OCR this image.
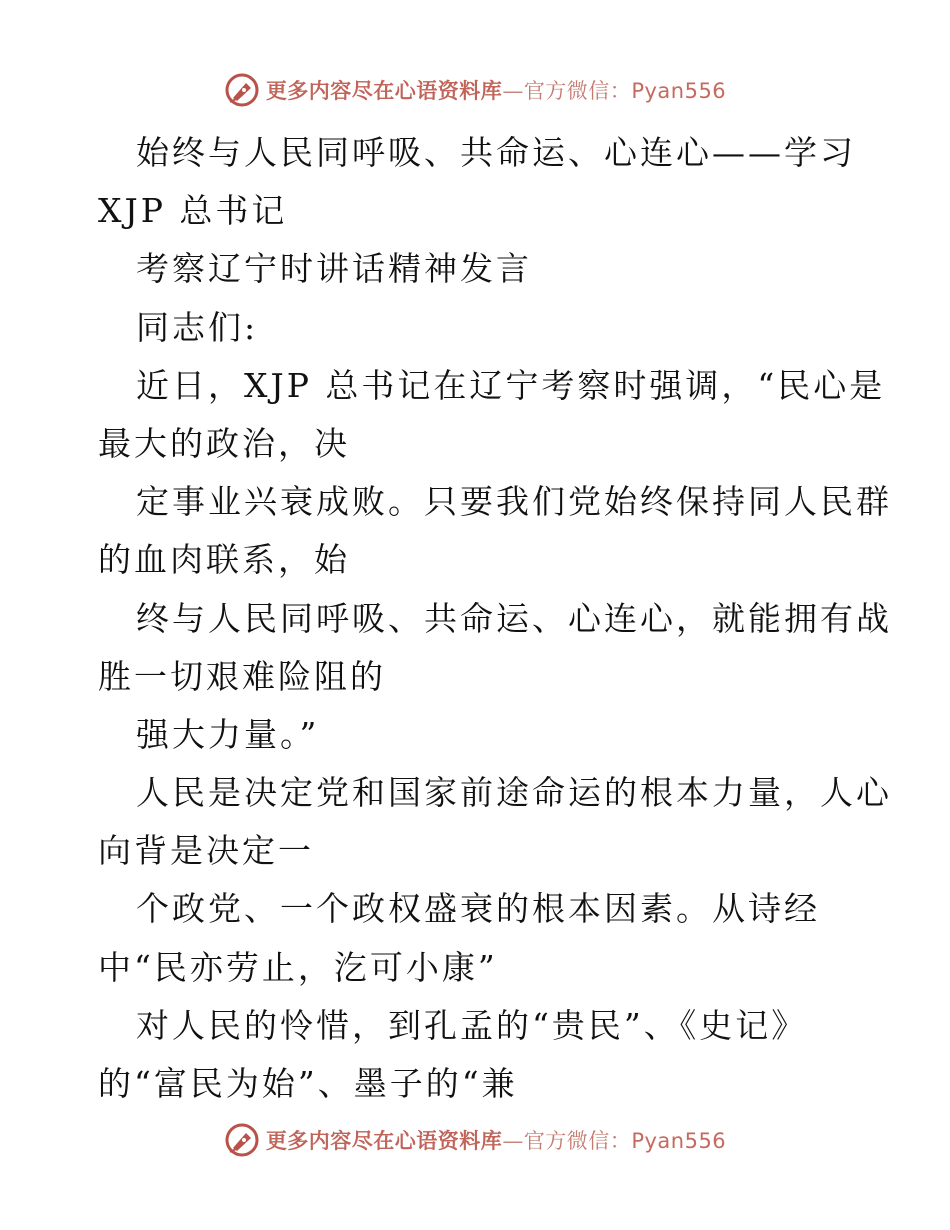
更多内容尽在心语资料库—官方微信：Pyan556
始终与人民同呼吸、共命运、心连心——学习
XJP 总书记
考察辽宁时讲话精神发言
同志们:
近日，XJP 总书记在辽宁考察时强调，“民心是
最大的政治，决
定事业兴衰成败。只要我们党始终保持同人民群
的血肉联系，始
终与人民同呼吸、共命运、心连心，就能拥有战
胜一切艰难险阻的
强大力量。”
人民是决定党和国家前途命运的根本力量，人心
向背是决定一
个政党、一个政权盛衰的根本因素。从诗经
中“民亦劳止，汔可小康”
对人民的怜惜，到孔孟的“贵民”、《史记》
的“富民为始”、墨子的“兼
更多内容尽在心语资料库—官方微信：Pyan556
